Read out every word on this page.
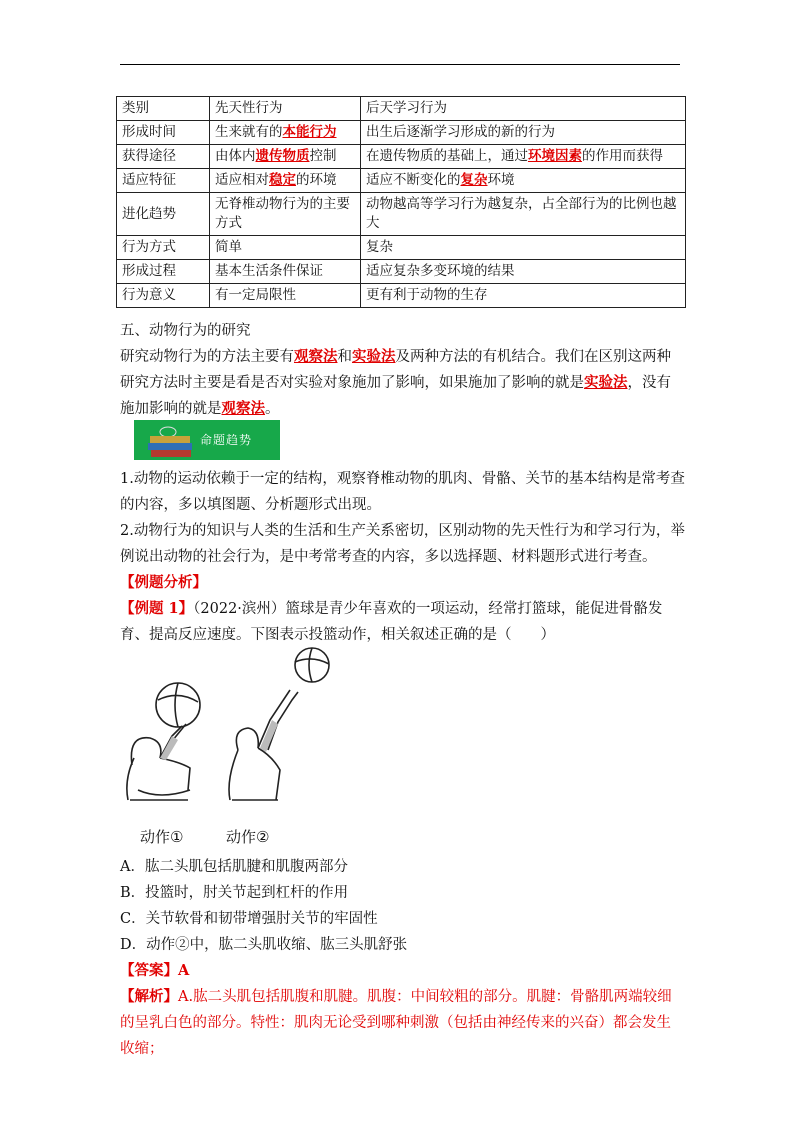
类别	先天性行为	后天学习行为
形成时间	生来就有的本能行为	出生后逐渐学习形成的新的行为
获得途径	由体内遗传物质控制	在遗传物质的基础上，通过环境因素的作用而获得
适应特征	适应相对稳定的环境	适应不断变化的复杂环境
进化趋势	无脊椎动物行为的主要方式	动物越高等学习行为越复杂，占全部行为的比例也越大
行为方式	简单	复杂
形成过程	基本生活条件保证	适应复杂多变环境的结果
行为意义	有一定局限性	更有利于动物的生存
五、动物行为的研究
研究动物行为的方法主要有观察法和实验法及两种方法的有机结合。我们在区别这两种研究方法时主要是看是否对实验对象施加了影响，如果施加了影响的就是实验法，没有施加影响的就是观察法。
命题趋势
1.动物的运动依赖于一定的结构，观察脊椎动物的肌肉、骨骼、关节的基本结构是常考查的内容，多以填图题、分析题形式出现。
2.动物行为的知识与人类的生活和生产关系密切，区别动物的先天性行为和学习行为，举例说出动物的社会行为，是中考常考查的内容，多以选择题、材料题形式进行考查。
【例题分析】
【例题 1】（2022·滨州）篮球是青少年喜欢的一项运动，经常打篮球，能促进骨骼发育、提高反应速度。下图表示投篮动作，相关叙述正确的是（　　）
动作①	动作②
A．肱二头肌包括肌腱和肌腹两部分
B．投篮时，肘关节起到杠杆的作用
C．关节软骨和韧带增强肘关节的牢固性
D．动作②中，肱二头肌收缩、肱三头肌舒张
【答案】A
【解析】A.肱二头肌包括肌腹和肌腱。肌腹：中间较粗的部分。肌腱：骨骼肌两端较细的呈乳白色的部分。特性：肌肉无论受到哪种刺激（包括由神经传来的兴奋）都会发生收缩；
